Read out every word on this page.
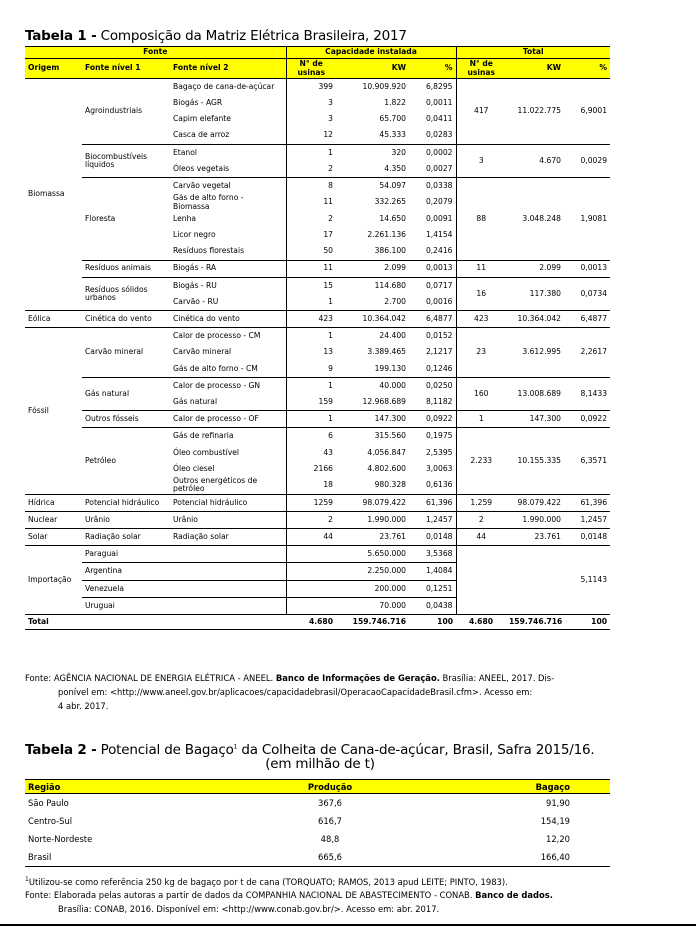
Tabela 1 - Composição da Matriz Elétrica Brasileira, 2017
Fonte			Capacidade instalada			Total		
Origem	Fonte nível 1	Fonte nível 2	N° de usinas	KW	%	N° de usinas	KW	%
Biomassa	Agroindustriais	Bagaço de cana-de-açúcar	399	10.909.920	6,8295	417	11.022.775	6,9001
		Biogás - AGR	3	1.822	0,0011			
		Capim elefante	3	65.700	0,0411			
		Casca de arroz	12	45.333	0,0283			
	Biocombustíveis líquidos	Etanol	1	320	0,0002	3	4.670	0,0029
		Óleos vegetais	2	4.350	0,0027			
	Floresta	Carvão vegetal	8	54.097	0,0338	88	3.048.248	1,9081
		Gás de alto forno - Biomassa	11	332.265	0,2079			
		Lenha	2	14.650	0,0091			
		Licor negro	17	2.261.136	1,4154			
		Resíduos florestais	50	386.100	0,2416			
	Resíduos animais	Biogás - RA	11	2.099	0,0013	11	2.099	0,0013
	Resíduos sólidos urbanos	Biogás - RU	15	114.680	0,0717	16	117.380	0,0734
		Carvão - RU	1	2.700	0,0016			
Eólica	Cinética do vento	Cinética do vento	423	10.364.042	6,4877	423	10.364.042	6,4877
Fóssil	Carvão mineral	Calor de processo - CM	1	24.400	0,0152	23	3.612.995	2,2617
		Carvão mineral	13	3.389.465	2,1217			
		Gás de alto forno - CM	9	199.130	0,1246			
	Gás natural	Calor de processo - GN	1	40.000	0,0250	160	13.008.689	8,1433
		Gás natural	159	12.968.689	8,1182			
	Outros fósseis	Calor de processo - OF	1	147.300	0,0922	1	147.300	0,0922
	Petróleo	Gás de refinaria	6	315.560	0,1975	2.233	10.155.335	6,3571
		Óleo combustível	43	4.056.847	2,5395			
		Óleo ciesel	2166	4.802.600	3,0063			
		Outros energéticos de petróleo	18	980.328	0,6136			
Hídrica	Potencial hidráulico	Potencial hidráulico	1259	98.079.422	61,396	1.259	98.079.422	61,396
Nuclear	Urânio	Urânio	2	1.990.000	1,2457	2	1.990.000	1,2457
Solar	Radiação solar	Radiação solar	44	23.761	0,0148	44	23.761	0,0148
Importação	Paraguai			5.650.000	3,5368			5,1143
	Argentina			2.250.000	1,4084			
	Venezuela			200.000	0,1251			
	Uruguai			70.000	0,0438			
Total			4.680	159.746.716	100	4.680	159.746.716	100
Fonte: AGÊNCIA NACIONAL DE ENERGIA ELÉTRICA - ANEEL. Banco de Informações de Geração. Brasília: ANEEL, 2017. Dis-
ponível em: <http://www.aneel.gov.br/aplicacoes/capacidadebrasil/OperacaoCapacidadeBrasil.cfm>. Acesso em:
4 abr. 2017.
Tabela 2 - Potencial de Bagaço$^1$ da Colheita de Cana-de-açúcar, Brasil, Safra 2015/16.
(em milhão de t)
Região	Produção	Bagaço
São Paulo	367,6	91,90
Centro-Sul	616,7	154,19
Norte-Nordeste	48,8	12,20
Brasil	665,6	166,40
$^1$Utilizou-se como referência 250 kg de bagaço por t de cana (TORQUATO; RAMOS, 2013 apud LEITE; PINTO, 1983).
Fonte: Elaborada pelas autoras a partir de dados da COMPANHIA NACIONAL DE ABASTECIMENTO - CONAB. Banco de dados.
Brasília: CONAB, 2016. Disponível em: <http://www.conab.gov.br/>. Acesso em: abr. 2017.
